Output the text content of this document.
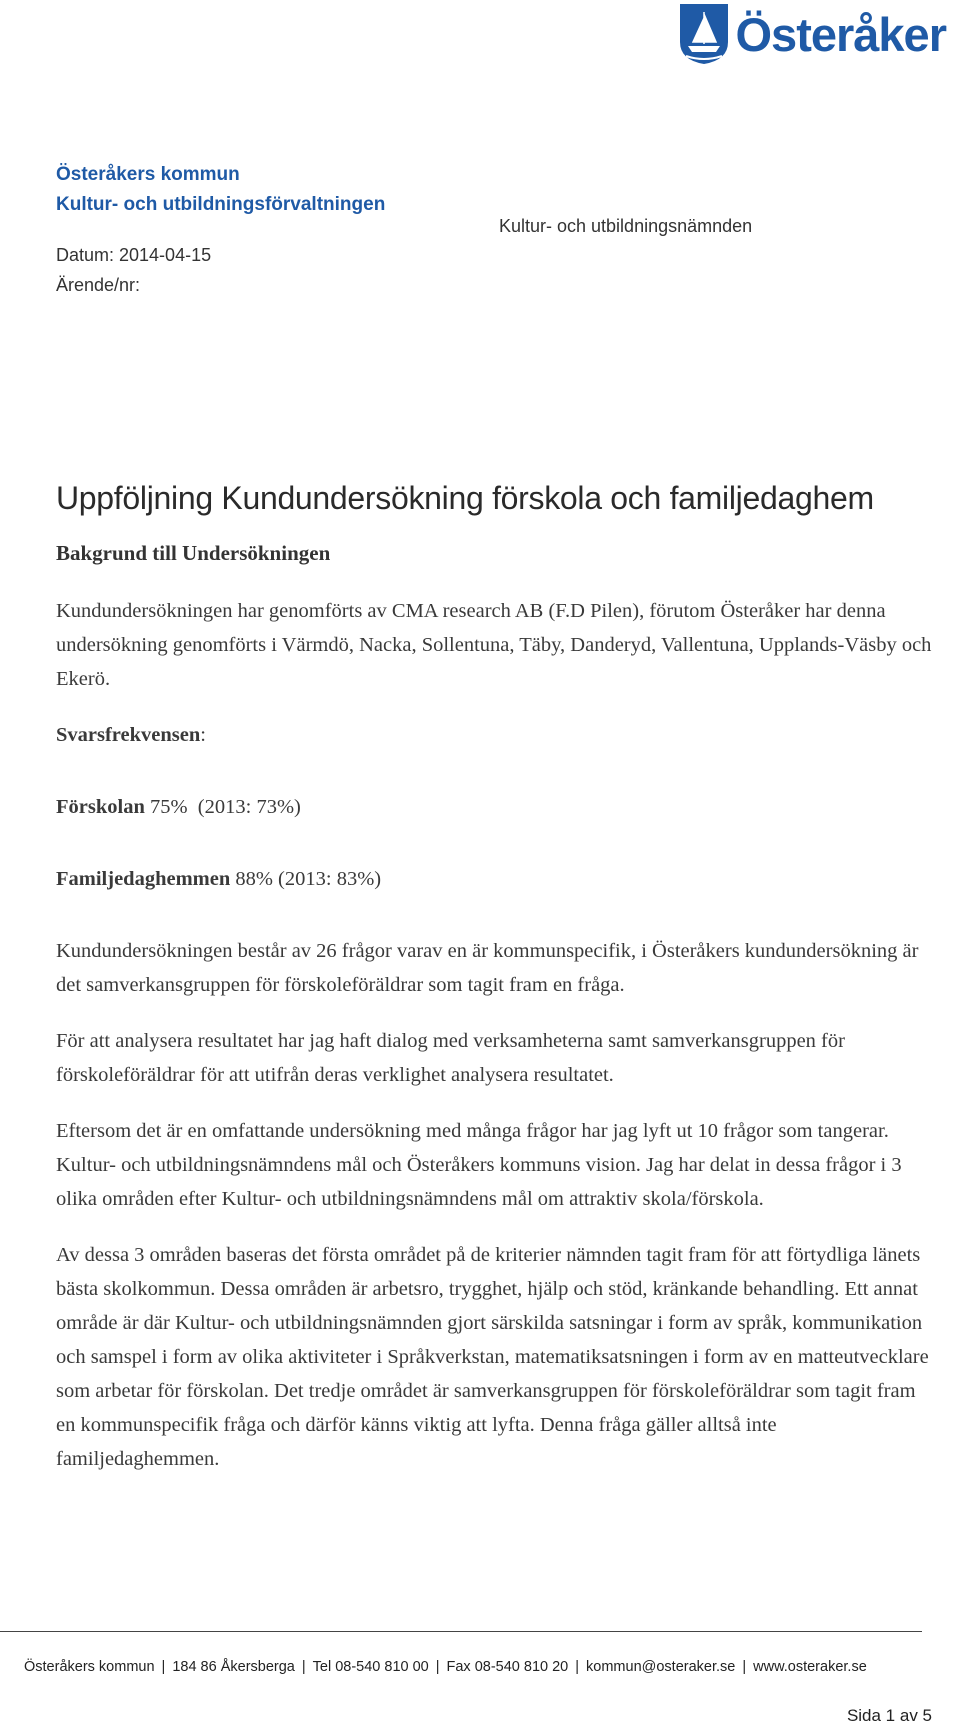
Österåker
Österåkers kommun
Kultur- och utbildningsförvaltningen
Datum: 2014-04-15
Ärende/nr:
Kultur- och utbildningsnämnden
Uppföljning Kundundersökning förskola och familjedaghem
Bakgrund till Undersökningen

Kundundersökningen har genomförts av CMA research AB (F.D Pilen), förutom Österåker har denna undersökning genomförts i Värmdö, Nacka, Sollentuna, Täby, Danderyd, Vallentuna, Upplands-Väsby och Ekerö.

Svarsfrekvensen:

Förskolan 75%  (2013: 73%)

Familjedaghemmen 88% (2013: 83%)

Kundundersökningen består av 26 frågor varav en är kommunspecifik, i Österåkers kundundersökning är det samverkansgruppen för förskoleföräldrar som tagit fram en fråga.

För att analysera resultatet har jag haft dialog med verksamheterna samt samverkansgruppen för förskoleföräldrar för att utifrån deras verklighet analysera resultatet.

Eftersom det är en omfattande undersökning med många frågor har jag lyft ut 10 frågor som tangerar. Kultur- och utbildningsnämndens mål och Österåkers kommuns vision. Jag har delat in dessa frågor i 3 olika områden efter Kultur- och utbildningsnämndens mål om attraktiv skola/förskola.

Av dessa 3 områden baseras det första området på de kriterier nämnden tagit fram för att förtydliga länets bästa skolkommun. Dessa områden är arbetsro, trygghet, hjälp och stöd, kränkande behandling. Ett annat område är där Kultur- och utbildningsnämnden gjort särskilda satsningar i form av språk, kommunikation och samspel i form av olika aktiviteter i Språkverkstan, matematiksatsningen i form av en matteutvecklare som arbetar för förskolan. Det tredje området är samverkansgruppen för förskoleföräldrar som tagit fram en kommunspecifik fråga och därför känns viktig att lyfta. Denna fråga gäller alltså inte familjedaghemmen.

Österåkers kommun | 184 86 Åkersberga | Tel 08-540 810 00 | Fax 08-540 810 20 | kommun@osteraker.se | www.osteraker.se
Sida 1 av 5
